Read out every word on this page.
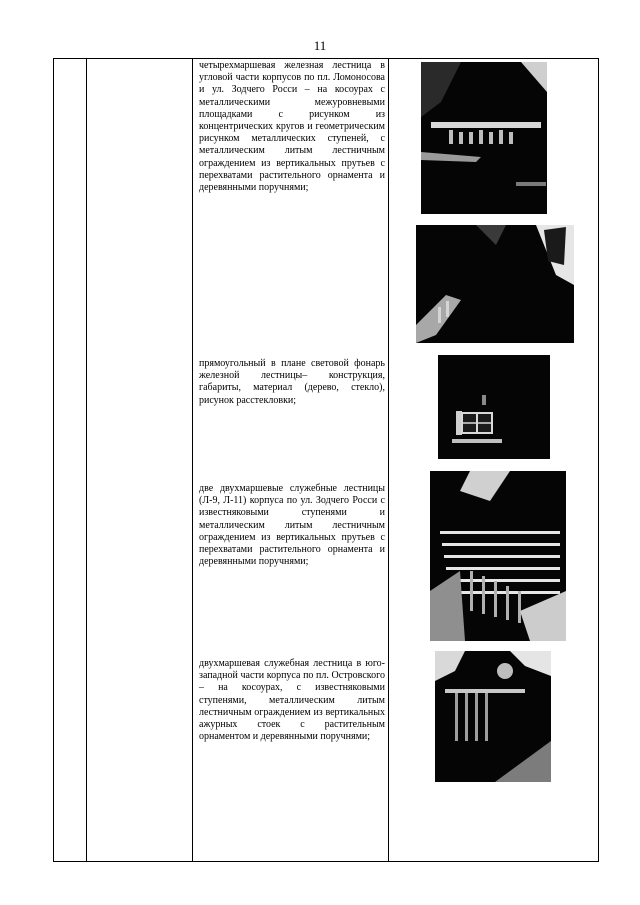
11
четырехмаршевая железная лестница в угловой части корпусов по пл. Ломоносова и ул. Зодчего Росси – на косоурах с металлическими межуровневыми площадками с рисунком из концентрических кругов и геометрическим рисунком металлических ступеней, с металлическим литым лестничным ограждением из вертикальных прутьев с перехватами растительного орнамента и деревянными поручнями;
прямоугольный в плане световой фонарь железной лестницы– конструкция, габариты, материал (дерево, стекло), рисунок расстекловки;
две двухмаршевые служебные лестницы (Л-9, Л-11) корпуса по ул. Зодчего Росси с известняковыми ступенями и металлическим литым лестничным ограждением из вертикальных прутьев с перехватами растительного орнамента и деревянными поручнями;
двухмаршевая служебная лестница в юго-западной части корпуса по пл. Островского – на косоурах, с известняковыми ступенями, металлическим литым лестничным ограждением из вертикальных ажурных стоек с растительным орнаментом и деревянными поручнями;
